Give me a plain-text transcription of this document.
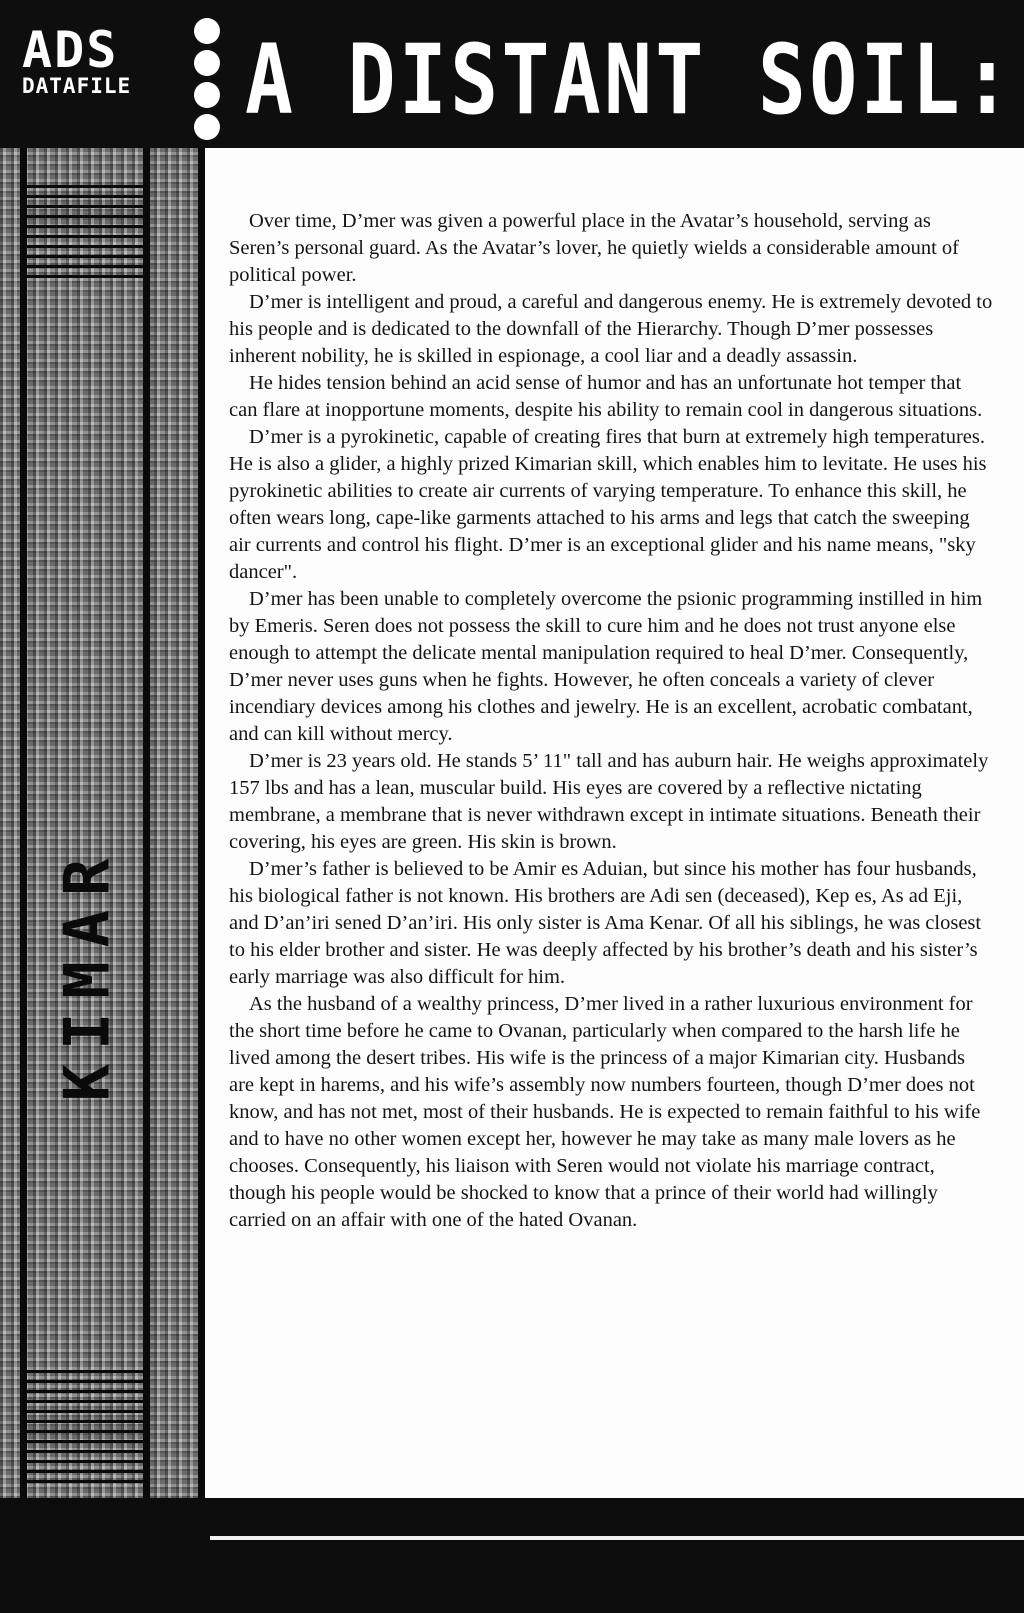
ADS
DATAFILE A DISTANT SOIL:
KIMAR

Over time, D’mer was given a powerful place in the Avatar’s household, serving as Seren’s personal guard. As the Avatar’s lover, he quietly wields a considerable amount of political power.

D’mer is intelligent and proud, a careful and dangerous enemy. He is extremely devoted to his people and is dedicated to the downfall of the Hierarchy. Though D’mer possesses inherent nobility, he is skilled in espionage, a cool liar and a deadly assassin.

He hides tension behind an acid sense of humor and has an unfortunate hot temper that can flare at inopportune moments, despite his ability to remain cool in dangerous situations.

D’mer is a pyrokinetic, capable of creating fires that burn at extremely high temperatures. He is also a glider, a highly prized Kimarian skill, which enables him to levitate. He uses his pyrokinetic abilities to create air currents of varying temperature. To enhance this skill, he often wears long, cape-like garments attached to his arms and legs that catch the sweeping air currents and control his flight. D’mer is an exceptional glider and his name means, "sky dancer".

D’mer has been unable to completely overcome the psionic programming instilled in him by Emeris. Seren does not possess the skill to cure him and he does not trust anyone else enough to attempt the delicate mental manipulation required to heal D’mer. Consequently, D’mer never uses guns when he fights. However, he often conceals a variety of clever incendiary devices among his clothes and jewelry. He is an excellent, acrobatic combatant, and can kill without mercy.

D’mer is 23 years old. He stands 5’ 11" tall and has auburn hair. He weighs approximately 157 lbs and has a lean, muscular build. His eyes are covered by a reflective nictating membrane, a membrane that is never withdrawn except in intimate situations. Beneath their covering, his eyes are green. His skin is brown.

D’mer’s father is believed to be Amir es Aduian, but since his mother has four husbands, his biological father is not known. His brothers are Adi sen (deceased), Kep es, As ad Eji, and D’an’iri sened D’an’iri. His only sister is Ama Kenar. Of all his siblings, he was closest to his elder brother and sister. He was deeply affected by his brother’s death and his sister’s early marriage was also difficult for him.

As the husband of a wealthy princess, D’mer lived in a rather luxurious environment for the short time before he came to Ovanan, particularly when compared to the harsh life he lived among the desert tribes. His wife is the princess of a major Kimarian city. Husbands are kept in harems, and his wife’s assembly now numbers fourteen, though D’mer does not know, and has not met, most of their husbands. He is expected to remain faithful to his wife and to have no other women except her, however he may take as many male lovers as he chooses. Consequently, his liaison with Seren would not violate his marriage contract, though his people would be shocked to know that a prince of their world had willingly carried on an affair with one of the hated Ovanan.
